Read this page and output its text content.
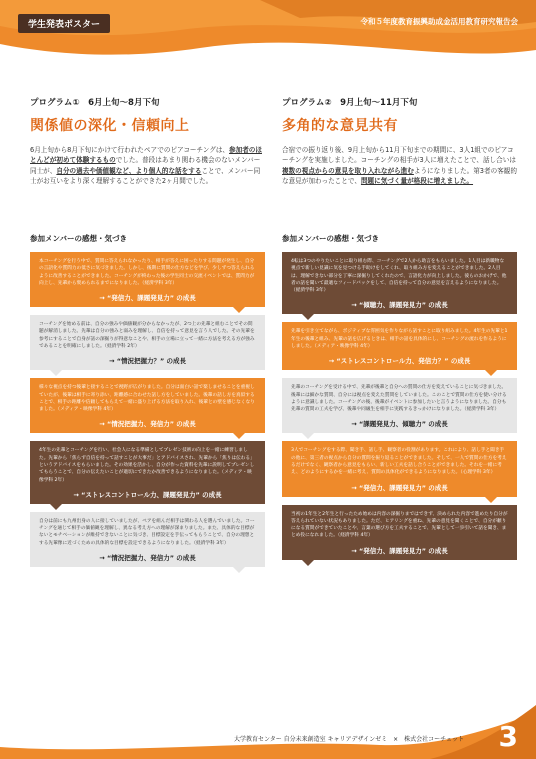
学生発表ポスター	令和５年度教育振興助成金活用教育研究報告会
プログラム①　6月上旬～8月下旬
関係値の深化・信頼向上
6月上旬から8月下旬にかけて行われたペアでのピアコーチングは、参加者のほとんどが初めて体験するものでした。普段はあまり関わる機会のないメンバー同士が、自分の過去や価値観など、より個人的な話をすることで、メンバー同士がお互いをより深く理解することができた2ヶ月間でした。
参加メンバーの感想・気づき
本コーチングを行う中で、質問に答えられなかったり、相手が答えに困ったりする問題が発生し、自分の言語化や質問力の低さに気づきました。しかし、後期に質問の仕方などを学び、少しずつ答えられるように改善することができました。コーチングが終わった後の学生同士の交流イベントでは、質問力が向上し、先輩から褒められるまでになりました。（経済学科 3年）
→ “発信力、課題発見力” の成長
コーチングを始める前は、自分の強みや価値観が分からなかったが、2つ上の先輩と組むことでその問題が解消しました。先輩は自分の強みと弱みを理解し、自信を持って意見を言う人でした。その先輩を参考にすることで自身が話の深掘りが得意なことや、相手の立場に立って一緒に方法を考える方が強みであることを明確にしました。（経済学科 2年）
→ “情況把握力？” の成長
様々な視点を持つ後輩と接することで視野が広がりました。自分は面白い話で楽しませることを重視していたが、後輩は相手に寄り添い、距離感に合わせた話し方をしていました。後輩の話し方を真似することで、相手の距離や信頼してもらえて一緒に盛り上げる方法を取り入れ、後輩との壁を感じなくなりました。（メディア・映像学科 4年）
→ “情況把握力、発信力” の成長
4年生の先輩とコーチングを行い、社会人になる準備としてプレゼン技術の向上を一緒に練習しました。先輩から「焦らず自信を持って話すことが大事だ」とアドバイスされ、先輩から「焦りは伝わる」というアドバイスをもらいました。その効果を活かし、自分が作った資料を先輩に説明してプレゼンしてもらうことで、自分の伝えたいことが適切にできたか改善できるようになりました。（メディア・映像学科 2年）
→ “ストレスコントロール力、課題発見力” の成長
自分は前にも九州出身の人に接していましたが、ペアを組んだ相手は関わる人を選んでいました。コーチングを通じて相手の価値観を理解し、異なる考え方への理解が深まりました。また、具体的な目標がないとモチベーションが維持できないことに気づき、目標設定を手伝ってもらうことで、自分の理想とする先輩像に近づくための具体的な目標を設定できるようになりました。（経済学科 3年）
→ “情況把握力、発信力” の成長
プログラム②　9月上旬～11月下旬
多角的な意見共有
合宿での振り返り後、9月上旬から11月下旬までの期間に、3人1組でのピアコーチングを実施しました。コーチングの相手が3人に増えたことで、話し合いは複数の視点からの意見を取り入れながら進むようになりました。第3者の客観的な意見が加わったことで、問題に気づく量が格段に増えました。
参加メンバーの感想・気づき
4転は3つのやりたいことに取り組む際、コーチングで2人から助言をもらいました。1人目は新職物な視点で新しい見識に気を見つける手助けをしてくれ、取り組み方を変えることができました。2人目は、理解できない部分を丁寧に深掘りしてくれたので、言語化力が向上しました。彼らのおかげで、他者の話を聞いて最適なフィードバックをして、自信を持って自分の意見を言えるようになりました。（経済学科 3年）
→ “傾聴力、課題発見力” の成長
先輩を引き立てながら、ポジティブな雰囲気を作りながら話すことに取り組みました。4年生の先輩と1年生の後輩と組み、先輩の話を広げるときは、相手の話を具体的にし、コーチングの流れを作るようにしました。（メディア・映像学科 4年）
→ “ストレスコントロール力、発信力？” の成長
先輩のコーチングを受ける中で、先輩が後輩と自分への質問の仕方を変えていることに気づきました。後輩には細かな質問、自分には視点を変えた質問をしていました。このことで質問の仕方を使い分けるように意識しました。コーチングの後、後輩がイベントに参加したいと言うようになりました。自分も先輩の質問の工夫を学び、後輩や同級生を相手に実践するきっかけになりました。（経済学科 3年）
→ “課題発見力、傾聴力” の成長
3人でコーチングをする際、聞き手、話し手、観察者の役割があります。これにより、話し手と聞き手の他に、第三者の視点から自分の質問を振り返ることができました。そして、一人で質問の仕方を考えるだけでなく、観察者から意見をもらい、新しい工夫を話し合うことができました。それを一緒に考え、どのようにするかを一緒に考え、質問の具体化ができるようになりました。（心理学科 3年）
→ “発信力、課題発見力” の成長
当初の1年生と2年生と行ったため始めは内容の深掘りまではできず、決められた内容で進めたり自分が答えられていない状況もありました。ただ、ヒアリングを重ね、先輩の意見を聞くことで、自分が頼りになる質問ができていたことや、言葉の選び方を工夫することで、先輩として一歩引いて話を聞き、まとめ役になれました。（経済学科 4年）
→ “発信力、課題発見力” の成長
大学教育センター 自分未来創造室 キャリアデザインゼミ　×　株式会社コーチェット 3
